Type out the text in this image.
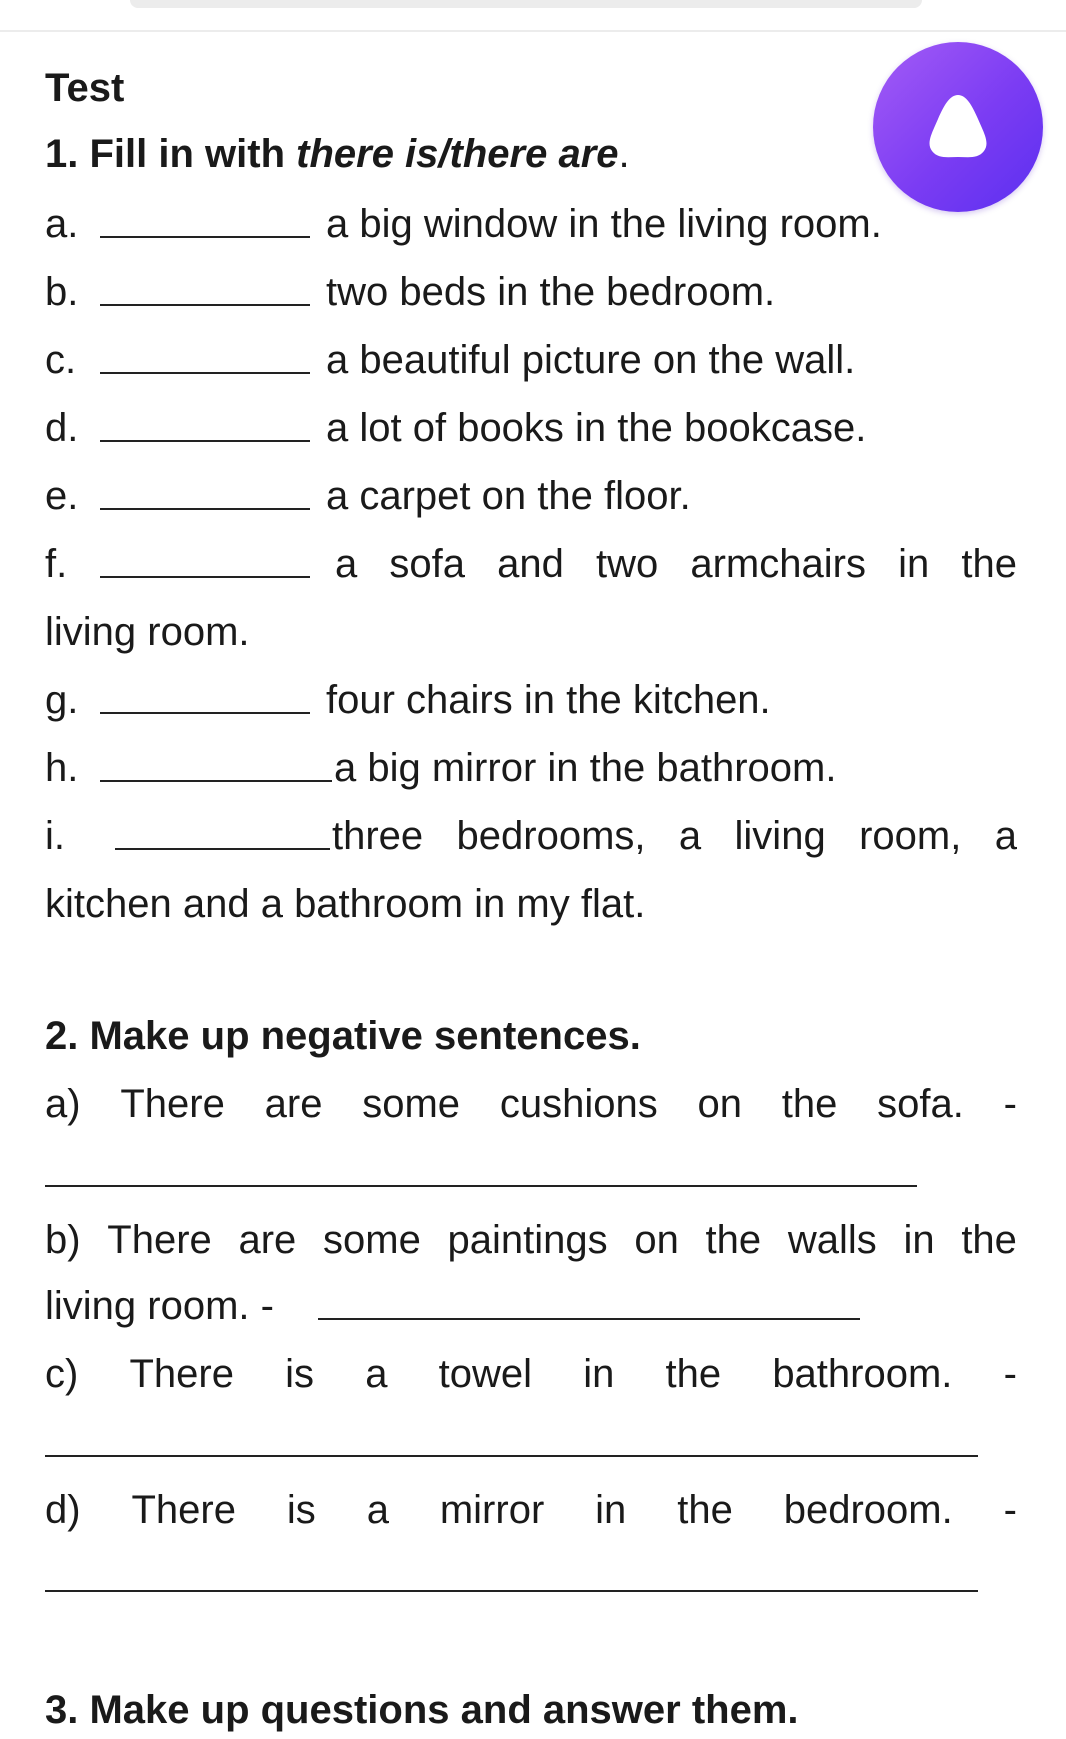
Test
1. Fill in with there is/there are.
a.	a big window in the living room.
b.	two beds in the bedroom.
c.	a beautiful picture on the wall.
d.	a lot of books in the bookcase.
e.	a carpet on the floor.
f.	a sofa and two armchairs in the
living room.
g.	four chairs in the kitchen.
h.	a big mirror in the bathroom.
i.	three bedrooms, a living room, a
kitchen and a bathroom in my flat.
2. Make up negative sentences.
a) There are some cushions on the sofa. -
b) There are some paintings on the walls in the
living room. -
c) There is a towel in the bathroom. -
d) There is a mirror in the bedroom. -
3. Make up questions and answer them.
